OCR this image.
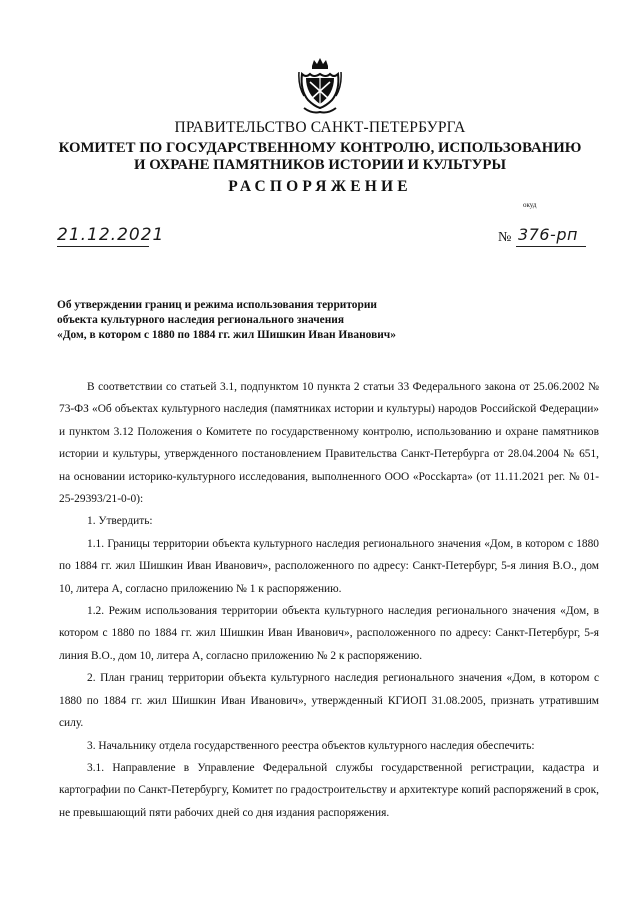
ПРАВИТЕЛЬСТВО САНКТ-ПЕТЕРБУРГА
КОМИТЕТ ПО ГОСУДАРСТВЕННОМУ КОНТРОЛЮ, ИСПОЛЬЗОВАНИЮ
И ОХРАНЕ ПАМЯТНИКОВ ИСТОРИИ И КУЛЬТУРЫ
РАСПОРЯЖЕНИЕ
окуд
21.12.2021	№ 376-рп
Об утверждении границ и режима использования территории
объекта культурного наследия регионального значения
«Дом, в котором с 1880 по 1884 гг. жил Шишкин Иван Иванович»

В соответствии со статьей 3.1, подпунктом 10 пункта 2 статьи 33 Федерального закона от 25.06.2002 № 73-ФЗ «Об объектах культурного наследия (памятниках истории и культуры) народов Российской Федерации» и пунктом 3.12 Положения о Комитете по государственному контролю, использованию и охране памятников истории и культуры, утвержденного постановлением Правительства Санкт-Петербурга от 28.04.2004 № 651, на основании историко-культурного исследования, выполненного ООО «Россkарта» (от 11.11.2021 рег. № 01-25-29393/21-0-0):

1. Утвердить:

1.1. Границы территории объекта культурного наследия регионального значения «Дом, в котором с 1880 по 1884 гг. жил Шишкин Иван Иванович», расположенного по адресу: Санкт-Петербург, 5-я линия В.О., дом 10, литера А, согласно приложению № 1 к распоряжению.

1.2. Режим использования территории объекта культурного наследия регионального значения «Дом, в котором с 1880 по 1884 гг. жил Шишкин Иван Иванович», расположенного по адресу: Санкт-Петербург, 5-я линия В.О., дом 10, литера А, согласно приложению № 2 к распоряжению.

2. План границ территории объекта культурного наследия регионального значения «Дом, в котором с 1880 по 1884 гг. жил Шишкин Иван Иванович», утвержденный КГИОП 31.08.2005, признать утратившим силу.

3. Начальнику отдела государственного реестра объектов культурного наследия обеспечить:

3.1. Направление в Управление Федеральной службы государственной регистрации, кадастра и картографии по Санкт-Петербургу, Комитет по градостроительству и архитектуре копий распоряжений в срок, не превышающий пяти рабочих дней со дня издания распоряжения.
